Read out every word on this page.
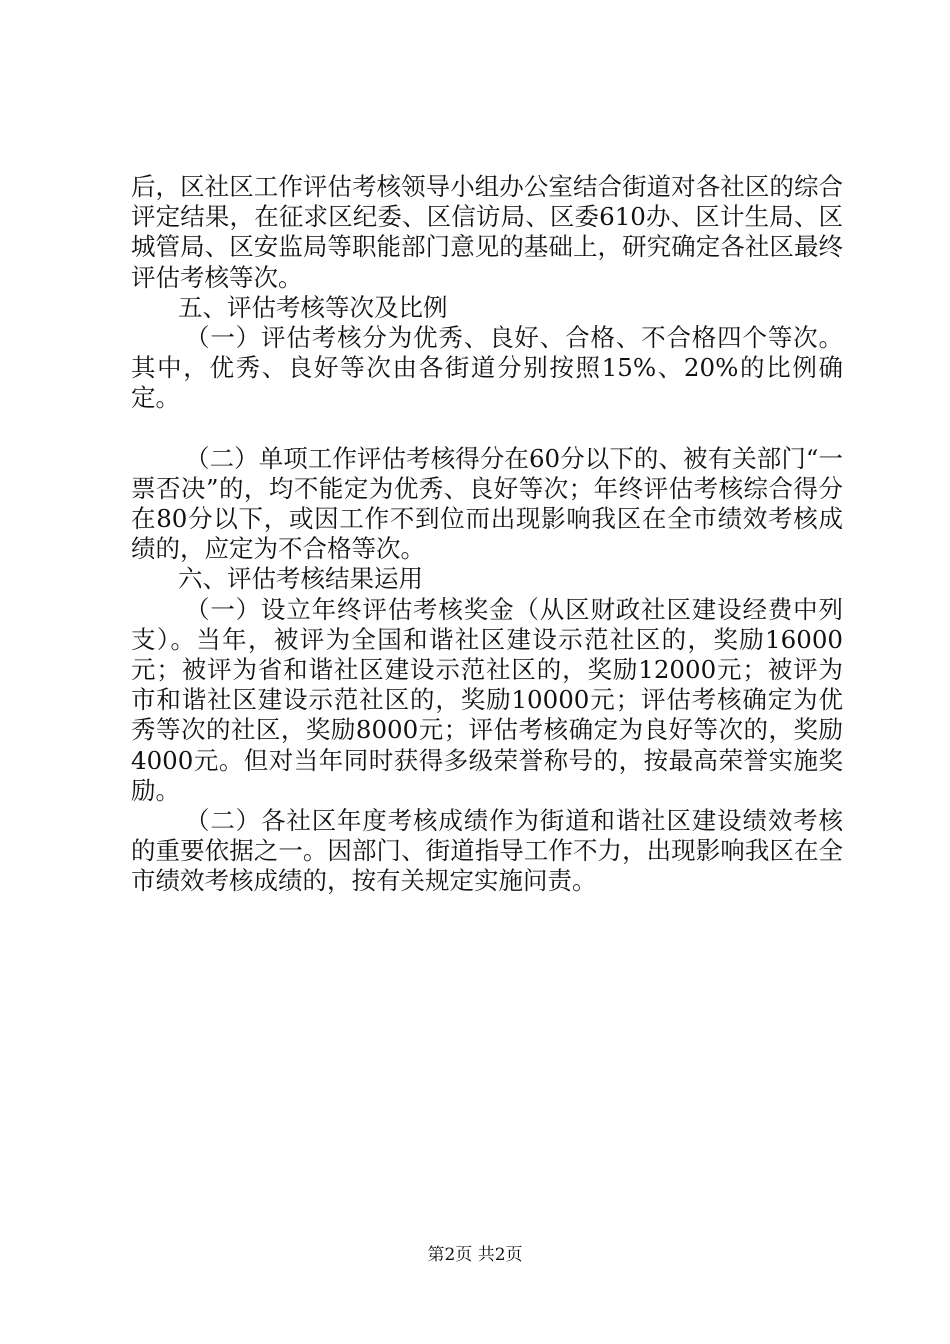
后，区社区工作评估考核领导小组办公室结合街道对各社区的综合评定结果，在征求区纪委、区信访局、区委610办、区计生局、区城管局、区安监局等职能部门意见的基础上，研究确定各社区最终评估考核等次。

五、评估考核等次及比例

（一）评估考核分为优秀、良好、合格、不合格四个等次。其中，优秀、良好等次由各街道分别按照15%、20%的比例确定。

（二）单项工作评估考核得分在60分以下的、被有关部门“一票否决”的，均不能定为优秀、良好等次；年终评估考核综合得分在80分以下，或因工作不到位而出现影响我区在全市绩效考核成绩的，应定为不合格等次。

六、评估考核结果运用

（一）设立年终评估考核奖金（从区财政社区建设经费中列支）。当年，被评为全国和谐社区建设示范社区的，奖励16000元；被评为省和谐社区建设示范社区的，奖励12000元；被评为市和谐社区建设示范社区的，奖励10000元；评估考核确定为优秀等次的社区，奖励8000元；评估考核确定为良好等次的，奖励4000元。但对当年同时获得多级荣誉称号的，按最高荣誉实施奖励。

（二）各社区年度考核成绩作为街道和谐社区建设绩效考核的重要依据之一。因部门、街道指导工作不力，出现影响我区在全市绩效考核成绩的，按有关规定实施问责。

第2页 共2页
